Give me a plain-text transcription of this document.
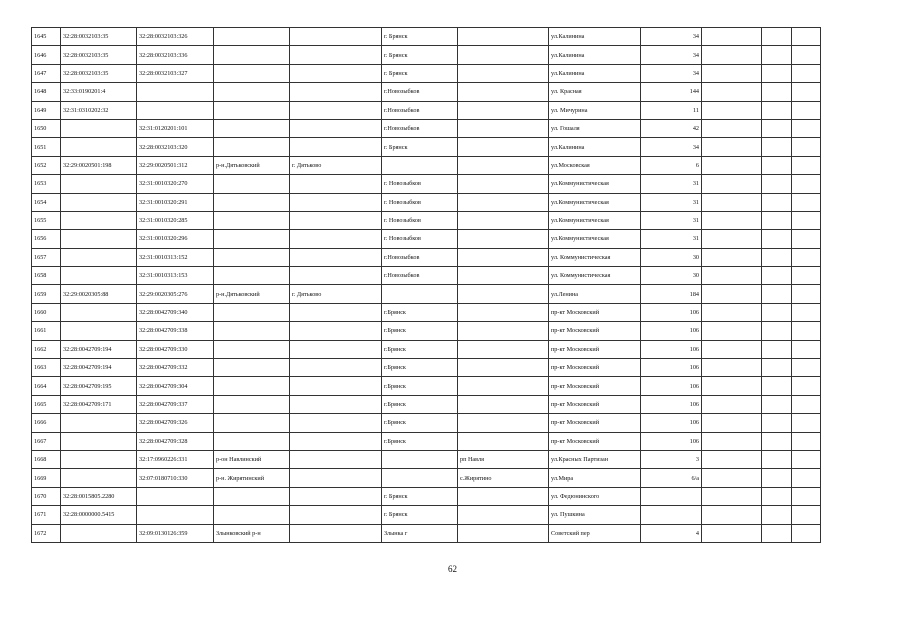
1645	32:28:0032103:35	32:28:0032103:326			г. Брянск		ул.Калинина	34			
1646	32:28:0032103:35	32:28:0032103:336			г. Брянск		ул.Калинина	34			
1647	32:28:0032103:35	32:28:0032103:327			г. Брянск		ул.Калинина	34			
1648	32:33:0190201:4				г.Новозыбков		ул. Красная	144			
1649	32:31:0310202:32				г.Новозыбков		ул. Мичурина	11			
1650		32:31:0120201:101			г.Новозыбков		ул. Гошаля	42			
1651		32:28:0032103:320			г. Брянск		ул.Калинина	34			
1652	32:29:0020501:198	32:29:0020501:312	р-н.Дятьковский	г. Дятьково			ул.Московская	6			
1653		32:31:0010320:270			г. Новозыбков		ул.Коммунистическая	31			
1654		32:31:0010320:291			г. Новозыбков		ул.Коммунистическая	31			
1655		32:31:0010320:285			г. Новозыбков		ул.Коммунистическая	31			
1656		32:31:0010320:296			г. Новозыбков		ул.Коммунистическая	31			
1657		32:31:0010313:152			г.Новозыбков		ул. Коммунистическая	30			
1658		32:31:0010313:153			г.Новозыбков		ул. Коммунистическая	30			
1659	32:29:0020305:88	32:29:0020305:276	р-н.Дятьковский	г. Дятьково			ул.Ленина	184			
1660		32:28:0042709:340			г.Брянск		пр-кт Московский	106			
1661		32:28:0042709:338			г.Брянск		пр-кт Московский	106			
1662	32:28:0042709:194	32:28:0042709:330			г.Брянск		пр-кт Московский	106			
1663	32:28:0042709:194	32:28:0042709:332			г.Брянск		пр-кт Московский	106			
1664	32:28:0042709:195	32:28:0042709:304			г.Брянск		пр-кт Московский	106			
1665	32:28:0042709:171	32:28:0042709:337			г.Брянск		пр-кт Московский	106			
1666		32:28:0042709:326			г.Брянск		пр-кт Московский	106			
1667		32:28:0042709:328			г.Брянск		пр-кт Московский	106			
1668		32:17:0960226:331	р-он Навлинский			рп Навля	ул.Красных Партизан	3			
1669		32:07:0180710:330	р-н. Жирятинский			с.Жирятино	ул.Мира	6/a			
1670	32:28:0015805.2280				г. Брянск		ул. Федюнинского				
1671	32:28:0000000.5415				г. Брянск		ул. Пушкина				
1672		32:09:0130126:359	Злынковский р-н		Злынка г		Советский пер	4			
62
